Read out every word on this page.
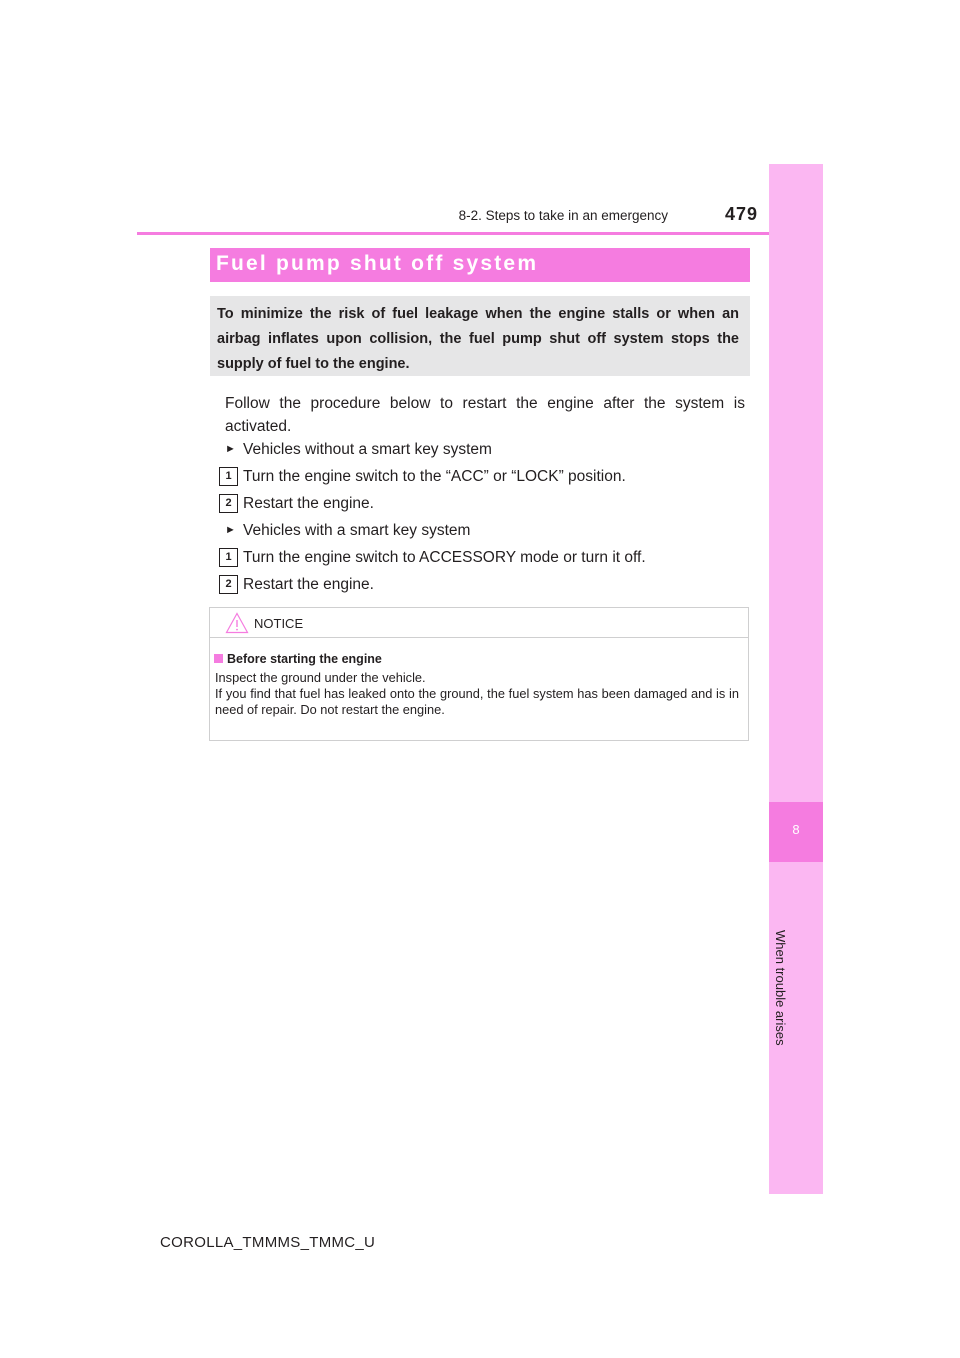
8-2. Steps to take in an emergency	479
8
When trouble arises
Fuel pump shut off system
To minimize the risk of fuel leakage when the engine stalls or when an airbag inflates upon collision, the fuel pump shut off system stops the supply of fuel to the engine.
Follow the procedure below to restart the engine after the system is activated.
► Vehicles without a smart key system
1 Turn the engine switch to the “ACC” or “LOCK” position.
2 Restart the engine.
► Vehicles with a smart key system
1 Turn the engine switch to ACCESSORY mode or turn it off.
2 Restart the engine.
NOTICE
Before starting the engine
Inspect the ground under the vehicle.
If you find that fuel has leaked onto the ground, the fuel system has been damaged and is in need of repair. Do not restart the engine.
COROLLA_TMMMS_TMMC_U
